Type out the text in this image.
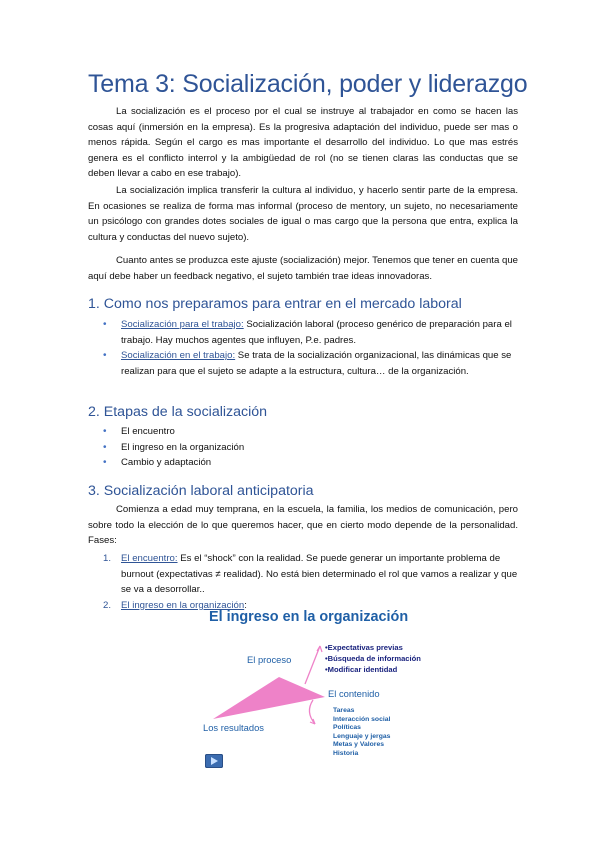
Tema 3: Socialización, poder y liderazgo

La socialización es el proceso por el cual se instruye al trabajador en como se hacen las cosas aquí (inmersión en la empresa). Es la progresiva adaptación del individuo, puede ser mas o menos rápida. Según el cargo es mas importante el desarrollo del individuo. Lo que mas estrés genera es el conflicto interrol y la ambigüedad de rol (no se tienen claras las conductas que se deben llevar a cabo en ese trabajo).

La socialización implica transferir la cultura al individuo, y hacerlo sentir parte de la empresa. En ocasiones se realiza de forma mas informal (proceso de mentory, un sujeto, no necesariamente un psicólogo con grandes dotes sociales de igual o mas cargo que la persona que entra, explica la cultura y conductas del nuevo sujeto).

Cuanto antes se produzca este ajuste (socialización) mejor. Tenemos que tener en cuenta que aquí debe haber un feedback negativo, el sujeto también trae ideas innovadoras.

1. Como nos preparamos para entrar en el mercado laboral
• Socialización para el trabajo: Socialización laboral (proceso genérico de preparación para el trabajo. Hay muchos agentes que influyen, P.e. padres.
• Socialización en el trabajo: Se trata de la socialización organizacional, las dinámicas que se realizan para que el sujeto se adapte a la estructura, cultura… de la organización.
2. Etapas de la socialización
• El encuentro
• El ingreso en la organización
• Cambio y adaptación
3. Socialización laboral anticipatoria

Comienza a edad muy temprana, en la escuela, la familia, los medios de comunicación, pero sobre todo la elección de lo que queremos hacer, que en cierto modo depende de la personalidad. Fases:

1. El encuentro: Es el “shock” con la realidad. Se puede generar un importante problema de burnout (expectativas ≠ realidad). No está bien determinado el rol que vamos a realizar y que se va a desorrollar..
2. El ingreso en la organización:
El ingreso en la organización
El proceso
•Expectativas previas
•Búsqueda de información
•Modificar identidad
El contenido
Tareas
Interacción social
Políticas
Lenguaje y jergas
Metas y Valores
Historia
Los resultados
